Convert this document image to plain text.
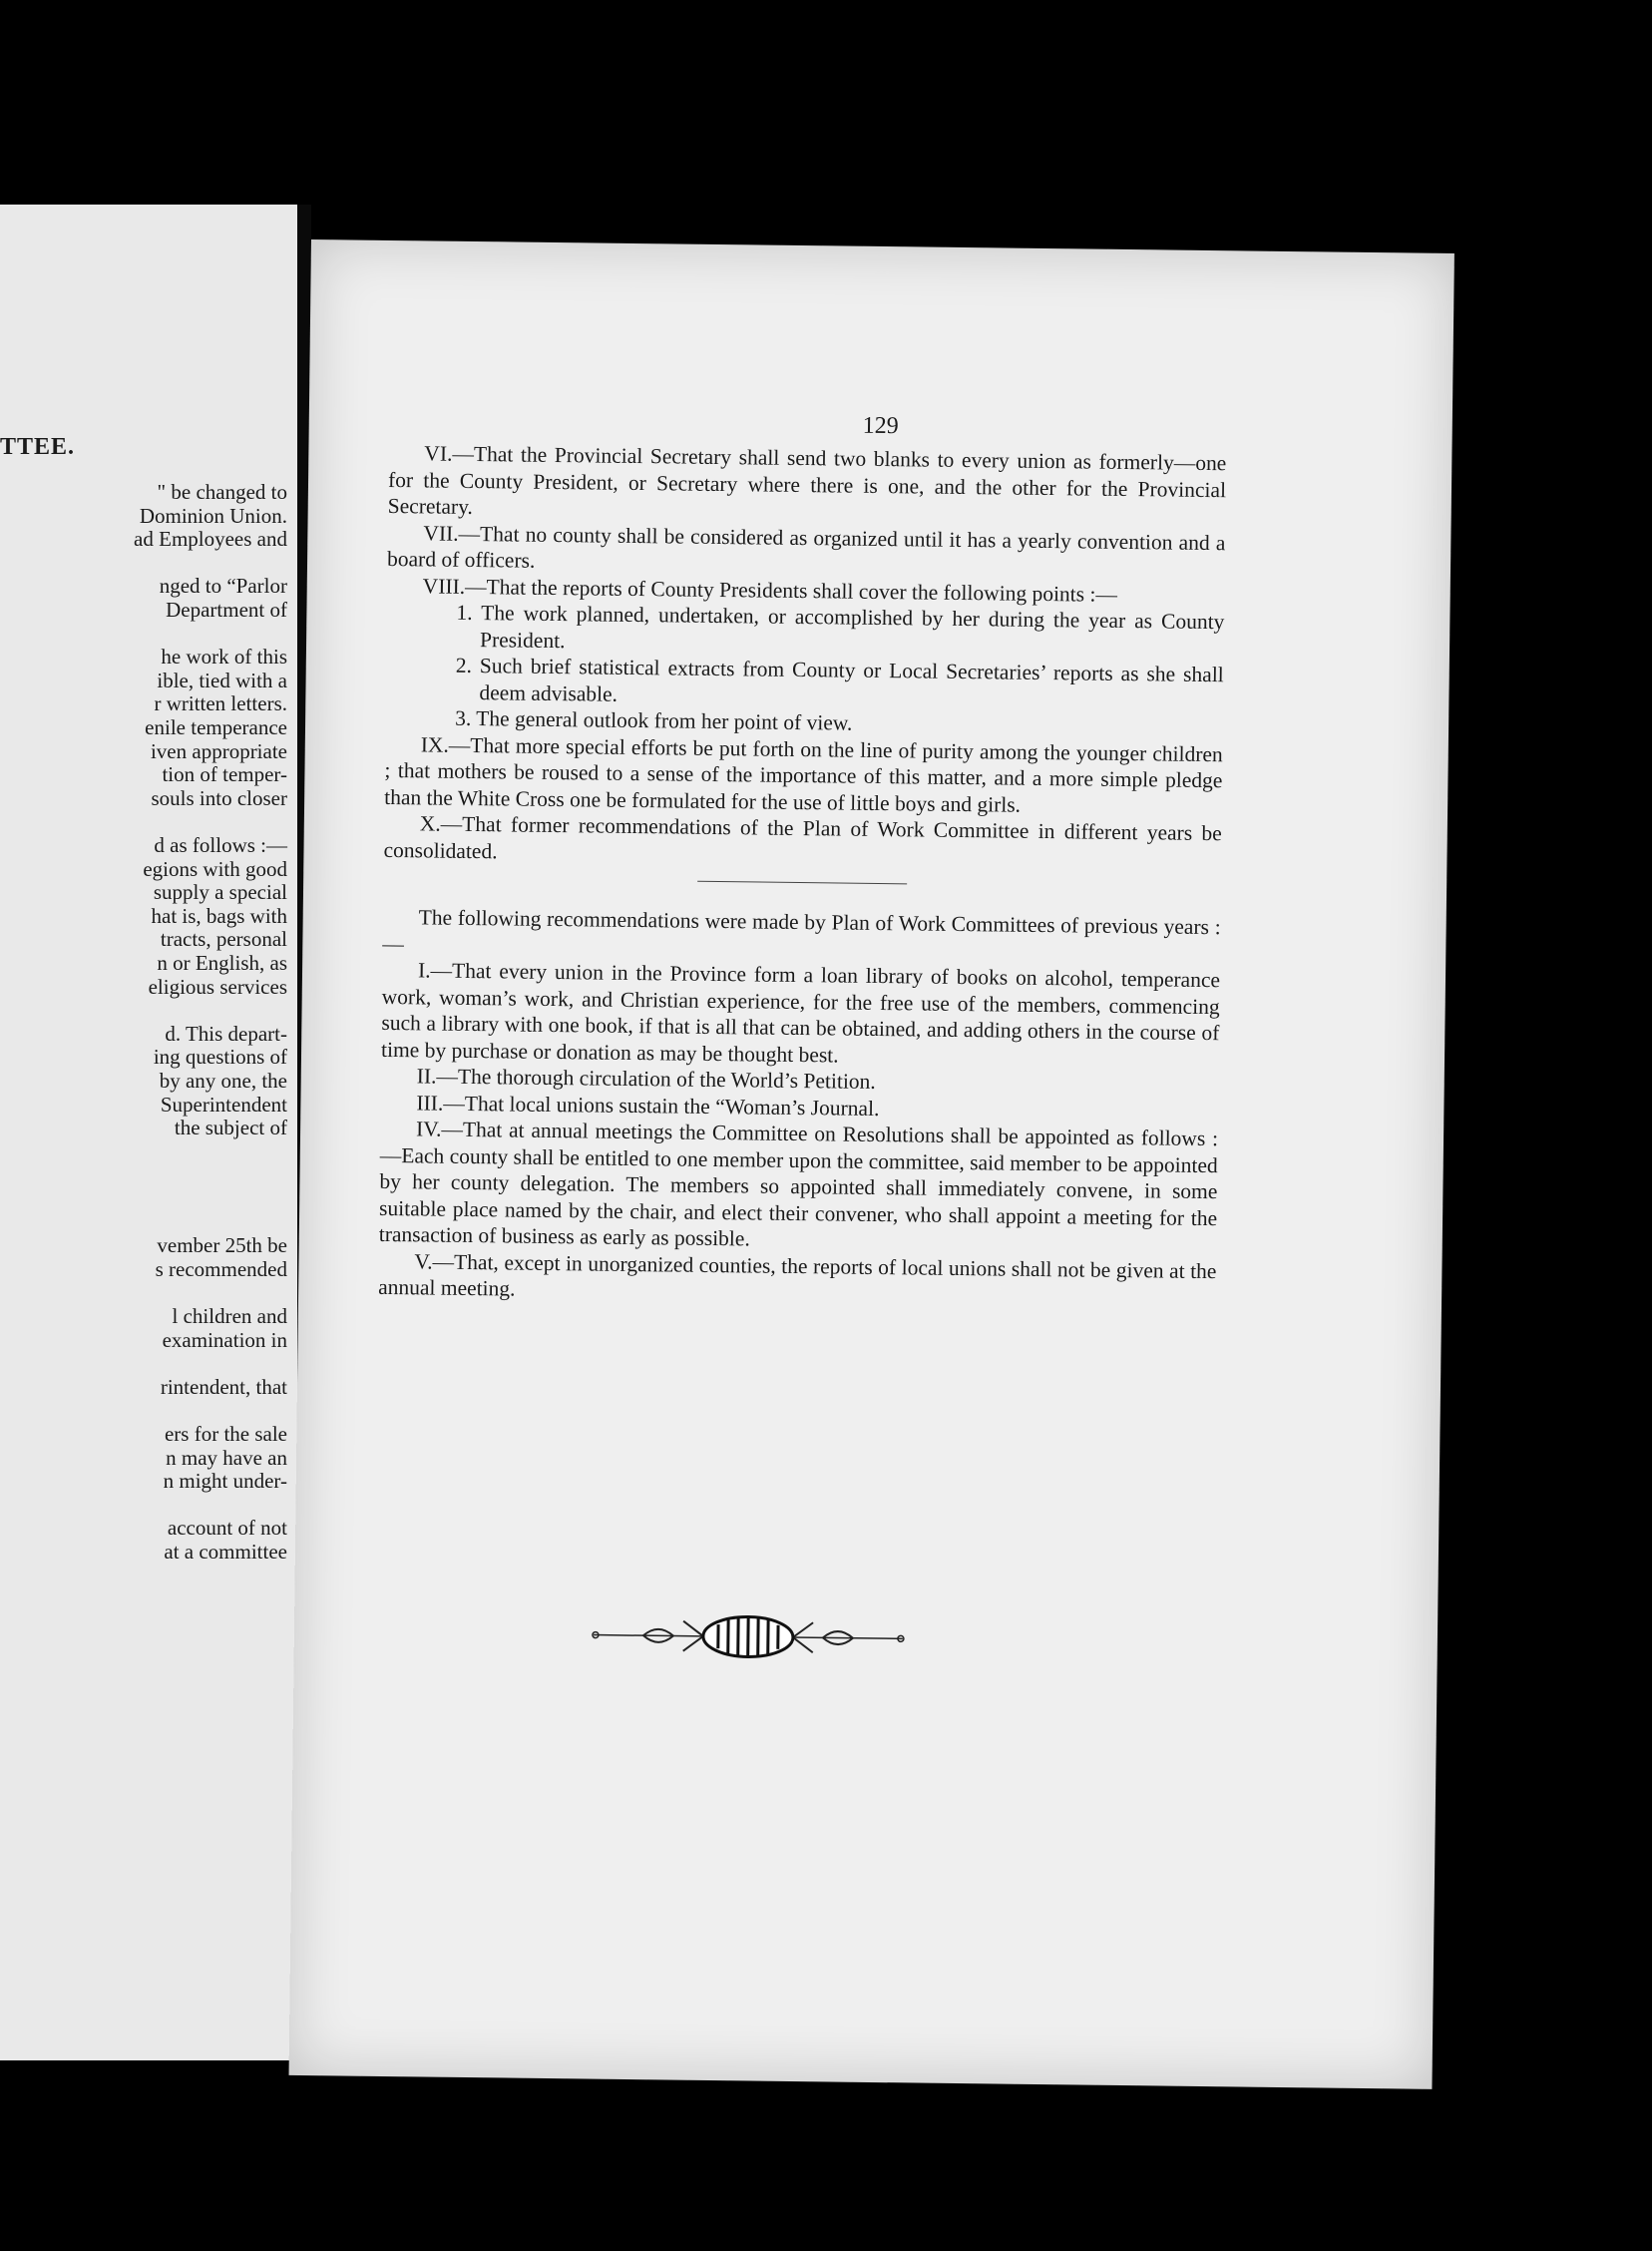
TTEE.
" be changed to
Dominion Union.
ad Employees and
nged to “Parlor
Department of
he work of this
ible, tied with a
r written letters.
enile temperance
iven appropriate
tion of temper-
souls into closer
d as follows :—
egions with good
supply a special
hat is, bags with
tracts, personal
n or English, as
eligious services
d. This depart-
ing questions of
by any one, the
Superintendent
the subject of
vember 25th be
s recommended
l children and
examination in
rintendent, that
ers for the sale
n may have an
n might under-
account of not
at a committee
129

VI.—That the Provincial Secretary shall send two blanks to every union as formerly—one for the County President, or Secretary where there is one, and the other for the Provincial Secretary.

VII.—That no county shall be considered as organized until it has a yearly convention and a board of officers.

VIII.—That the reports of County Presidents shall cover the following points :—

1. The work planned, undertaken, or accomplished by her during the year as County President.

2. Such brief statistical extracts from County or Local Secretaries’ reports as she shall deem advisable.

3. The general outlook from her point of view.

IX.—That more special efforts be put forth on the line of purity among the younger children ; that mothers be roused to a sense of the importance of this matter, and a more simple pledge than the White Cross one be formulated for the use of little boys and girls.

X.—That former recommendations of the Plan of Work Committee in different years be consolidated.

The following recommendations were made by Plan of Work Committees of previous years :—

I.—That every union in the Province form a loan library of books on alcohol, temperance work, woman’s work, and Christian experience, for the free use of the members, commencing such a library with one book, if that is all that can be obtained, and adding others in the course of time by purchase or donation as may be thought best.

II.—The thorough circulation of the World’s Petition.

III.—That local unions sustain the “Woman’s Journal.

IV.—That at annual meetings the Committee on Resolutions shall be appointed as follows :—Each county shall be entitled to one member upon the committee, said member to be appointed by her county delegation. The members so appointed shall immediately convene, in some suitable place named by the chair, and elect their convener, who shall appoint a meeting for the transaction of business as early as possible.

V.—That, except in unorganized counties, the reports of local unions shall not be given at the annual meeting.
